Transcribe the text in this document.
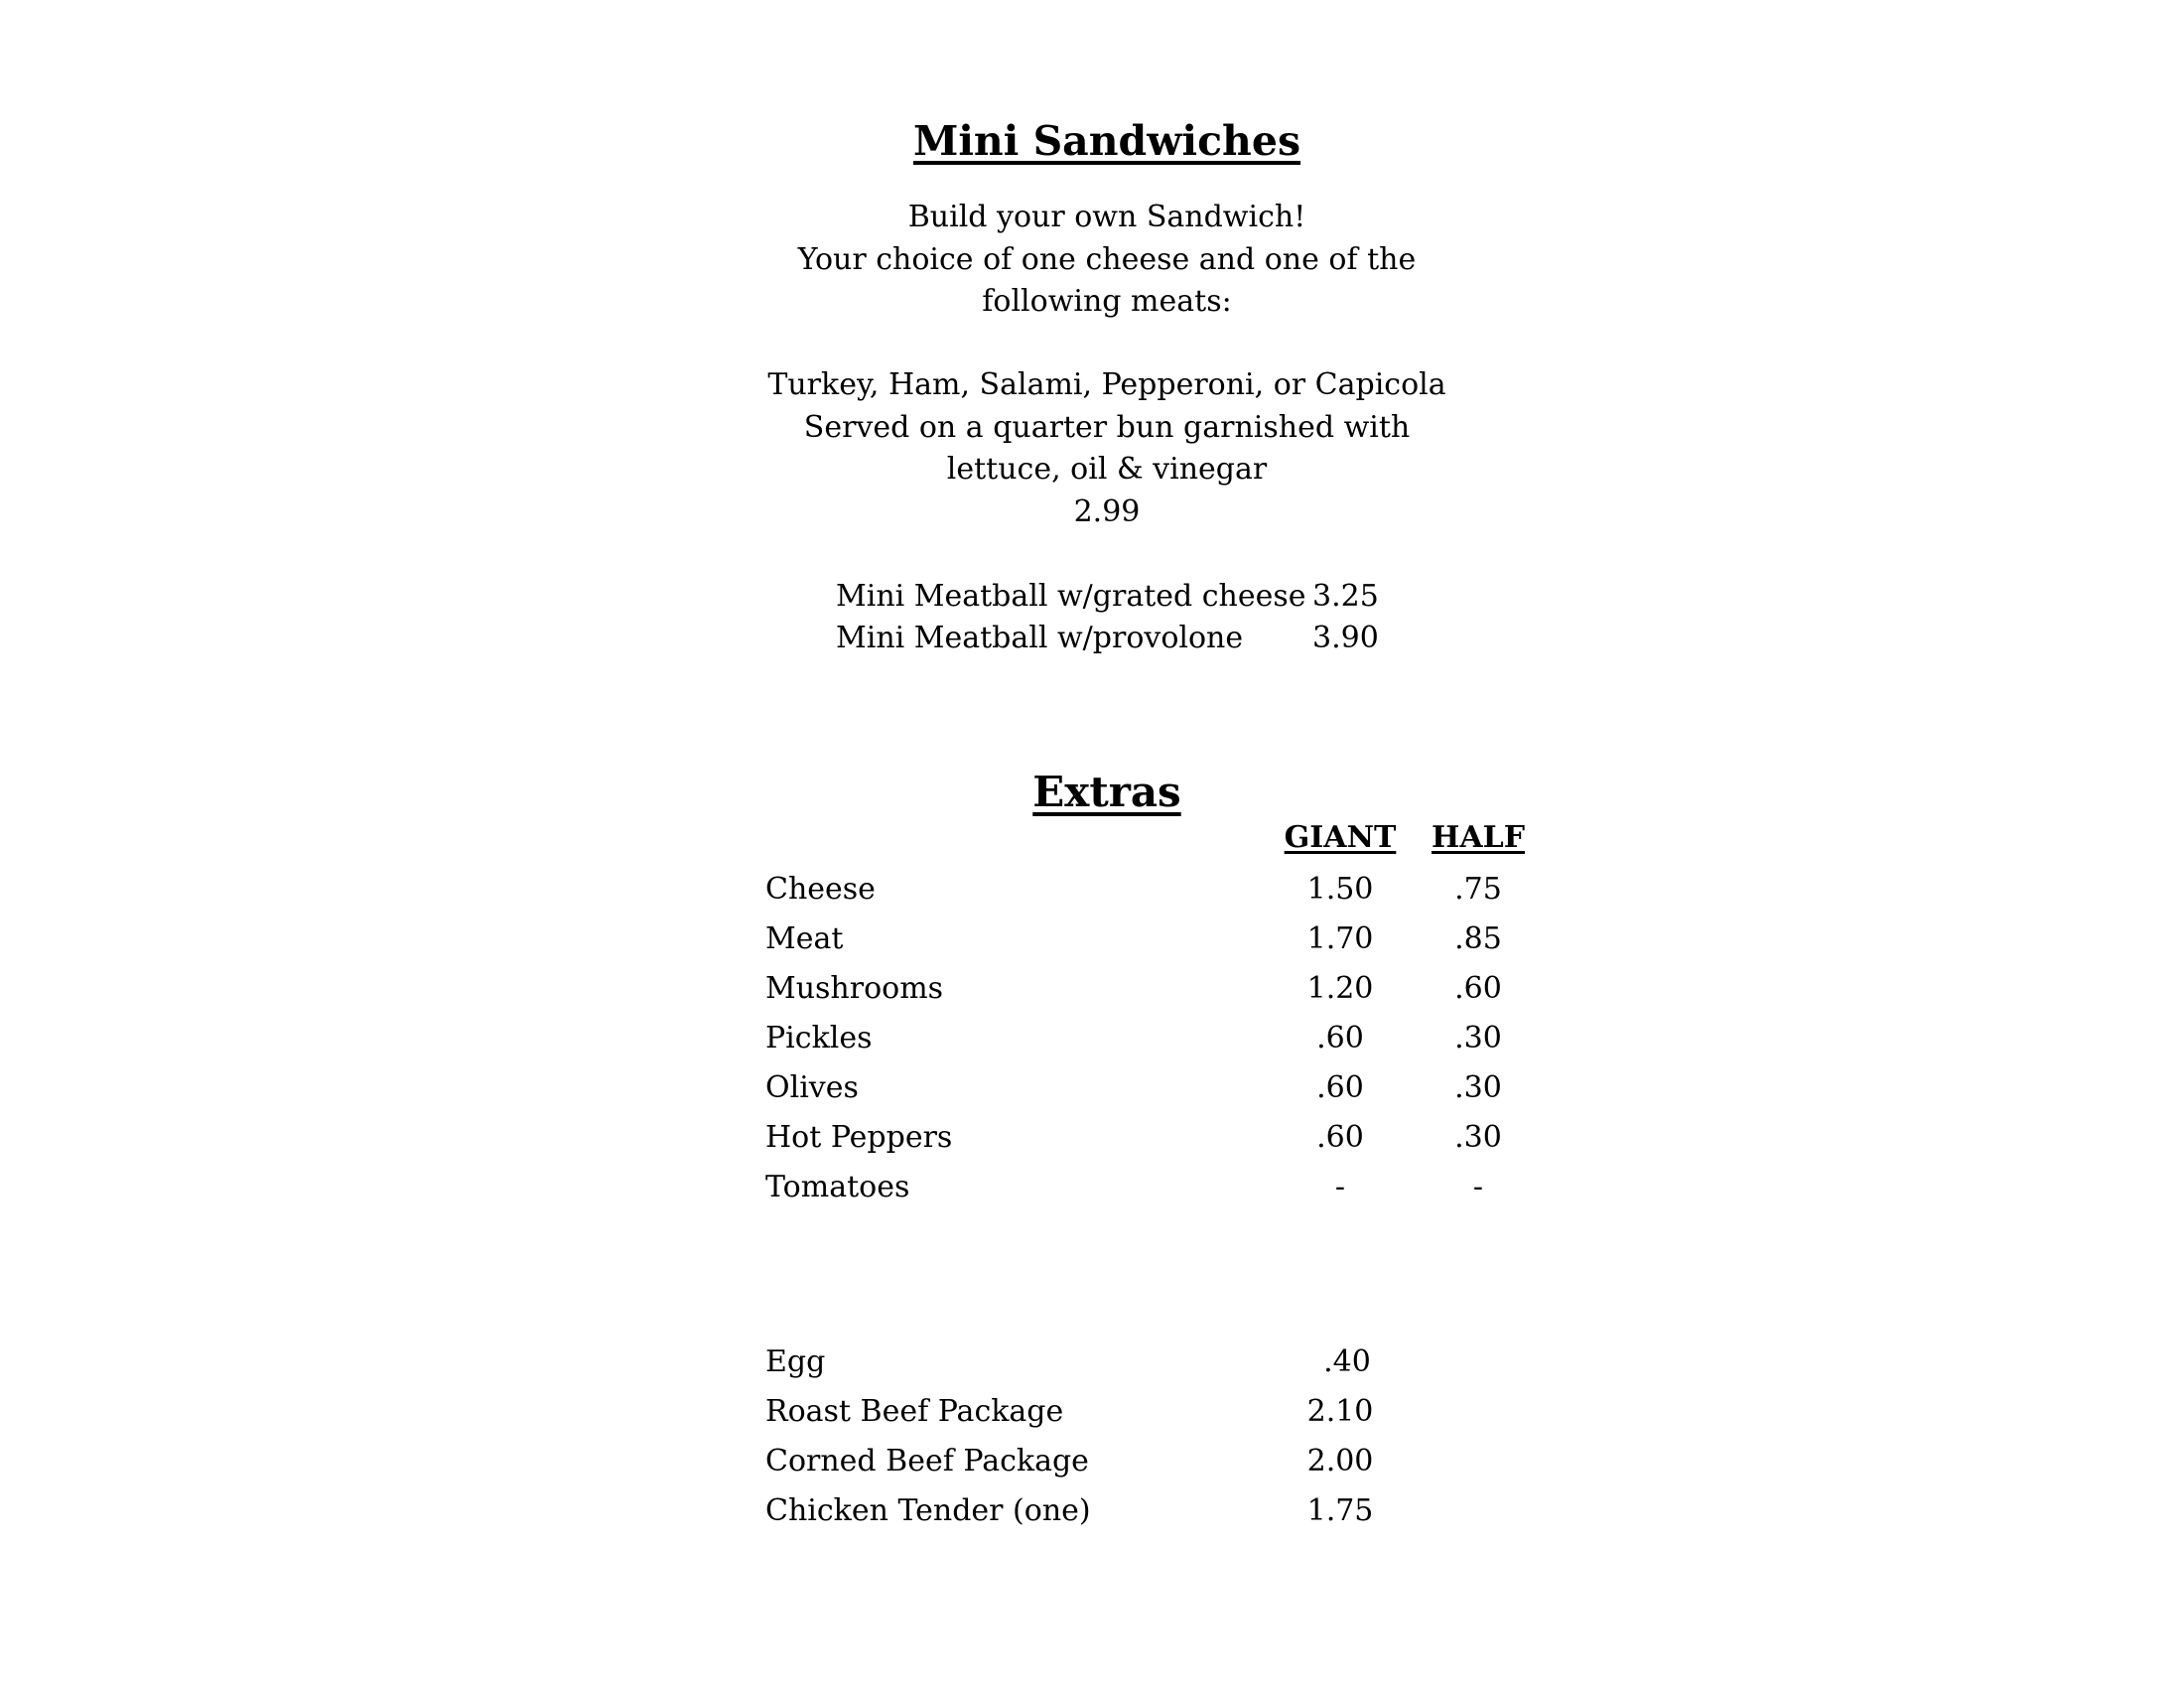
Mini Sandwiches
Build your own Sandwich!
Your choice of one cheese and one of the
following meats:
Turkey, Ham, Salami, Pepperoni, or Capicola
Served on a quarter bun garnished with
lettuce, oil & vinegar
2.99
Mini Meatball w/grated cheese 3.25
Mini Meatball w/provolone 3.90
Extras
GIANT HALF
Cheese	1.50	.75
Meat	1.70	.85
Mushrooms	1.20	.60
Pickles	.60	.30
Olives	.60	.30
Hot Peppers	.60	.30
Tomatoes	-	-
Egg	.40
Roast Beef Package	2.10
Corned Beef Package	2.00
Chicken Tender (one)	1.75
